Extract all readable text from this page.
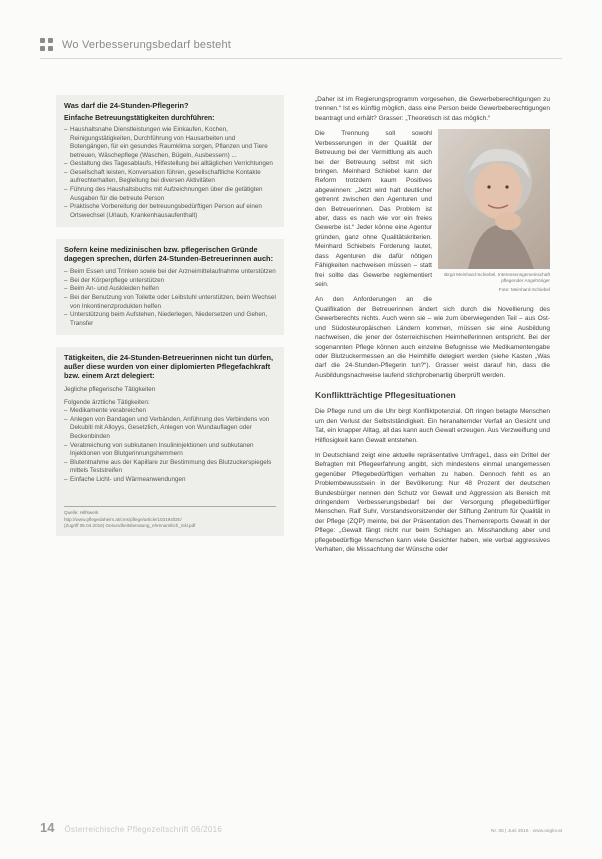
Wo Verbesserungsbedarf besteht
Was darf die 24-Stunden-Pflegerin?
Einfache Betreuungstätigkeiten durchführen:
– Haushaltsnahe Dienstleistungen wie Einkaufen, Kochen, Reinigungstätigkeiten, Durchführung von Hausarbeiten und Botengängen, für ein gesundes Raumklima sorgen, Pflanzen und Tiere betreuen, Wäschepflege (Waschen, Bügeln, Ausbessern) ...
– Gestaltung des Tagesablaufs, Hilfestellung bei alltäglichen Verrichtungen
– Gesellschaft leisten, Konversation führen, gesellschaftliche Kontakte aufrechterhalten, Begleitung bei diversen Aktivitäten
– Führung des Haushaltsbuchs mit Aufzeichnungen über die getätigten Ausgaben für die betreute Person
– Praktische Vorbereitung der betreuungsbedürftigen Person auf einen Ortswechsel (Urlaub, Krankenhausaufenthalt)
Sofern keine medizinischen bzw. pflegerischen Gründe dagegen sprechen, dürfen 24-Stunden-Betreuerinnen auch:
– Beim Essen und Trinken sowie bei der Arzneimittelaufnahme unterstützen
– Bei der Körperpflege unterstützen
– Beim An- und Auskleiden helfen
– Bei der Benutzung von Toilette oder Leibstuhl unterstützen, beim Wechsel von Inkontinenzprodukten helfen
– Unterstützung beim Aufstehen, Niederlegen, Niedersetzen und Gehen, Transfer
Tätigkeiten, die 24-Stunden-Betreuerinnen nicht tun dürfen, außer diese wurden von einer diplomierten Pflegefachkraft bzw. einem Arzt delegiert:
Jegliche pflegerische Tätigkeiten
Folgende ärztliche Tätigkeiten:
– Medikamente verabreichen
– Anlegen von Bandagen und Verbänden, Anführung des Verbindens von Dekubiti mit Alloyys, Gesetzlich, Anlegen von Wundauflagen oder Beckenbinden
– Verabreichung von subkutanen Insulininjektionen und subkutanen Injektionen von Blutgerinnungshemmern
– Blutentnahme aus der Kapillare zur Bestimmung des Blutzuckerspiegels mittels Teststreifen
– Einfache Licht- und Wärmeanwendungen
Quelle: Hilfswerk
http://www.pflegedaheim.at/cms/pflege/article/103194/DE/
(Zugriff 05.04.2016) Gesundheitsberatung_ehrenamtlich_inkl.pdf

„Daher ist im Regierungsprogramm vorgesehen, die Gewerbeberechtigungen zu trennen.“ Ist es künftig möglich, dass eine Person beide Gewerbeberechtigungen beantragt und erhält? Grasser: „Theoretisch ist das möglich.“

Birgit Meinhard-Schiebel, Interessensgemeinschaft pflegender Angehöriger
Foto: Meinhard-Schiebel

Die Trennung soll sowohl Verbesserungen in der Qualität der Betreuung bei der Vermittlung als auch bei der Betreuung selbst mit sich bringen. Meinhard Schiebel kann der Reform trotzdem kaum Positives abgewinnen: „Jetzt wird halt deutlicher getrennt zwischen den Agenturen und den Betreuerinnen. Das Problem ist aber, dass es nach wie vor ein freies Gewerbe ist.“ Jeder könne eine Agentur gründen, ganz ohne Qualitätskriterien. Meinhard Schiebels Forderung lautet, dass Agenturen die dafür nötigen Fähigkeiten nachweisen müssen – statt frei sollte das Gewerbe reglementiert sein.

An den Anforderungen an die Qualifikation der Betreuerinnen ändert sich durch die Novellierung des Gewerberechts nichts. Auch wenn sie – wie zum überwiegenden Teil – aus Ost- und Südosteuropäischen Ländern kommen, müssen sie eine Ausbildung nachweisen, die jener der österreichischen Heimhelferinnen entspricht. Bei der sogenannten Pflege können auch einzelne Befugnisse wie Medikamentengabe oder Blutzuckermessen an die Heimhilfe delegiert werden (siehe Kasten „Was darf die 24-Stunden-Pflegerin tun?“). Grasser weist darauf hin, dass die Ausbildungsnachweise laufend stichprobenartig überprüft werden.

Konfliktträchtige Pflegesituationen

Die Pflege rund um die Uhr birgt Konfliktpotenzial. Oft ringen betagte Menschen um den Verlust der Selbstständigkeit. Ein heranalternder Verfall an Gesicht und Tat, ein knapper Alltag, all das kann auch Gewalt erzeugen. Aus Verzweiflung und Hilflosigkeit kann Gewalt entstehen.

In Deutschland zeigt eine aktuelle repräsentative Umfrage1, dass ein Drittel der Befragten mit Pflegeerfahrung angibt, sich mindestens einmal unangemessen gegenüber Pflegebedürftigen verhalten zu haben. Dennoch fehlt es an Problembewusstsein in der Bevölkerung: Nur 48 Prozent der deutschen Bundesbürger nennen den Schutz vor Gewalt und Aggression als Bereich mit dringendem Verbesserungsbedarf bei der Versorgung pflegebedürftiger Menschen. Ralf Suhr, Vorstandsvorsitzender der Stiftung Zentrum für Qualität in der Pflege (ZQP) meinte, bei der Präsentation des Themenreports Gewalt in der Pflege: „Gewalt fängt nicht nur beim Schlagen an. Misshandlung aber und pflegebedürftige Menschen kann viele Gesichter haben, wie verbal aggressives Verhalten, die Missachtung der Wünsche oder

14 Österreichische Pflegezeitschrift 06/2016	Nr. 06 | Juni 2016 · www.oegkv.at
